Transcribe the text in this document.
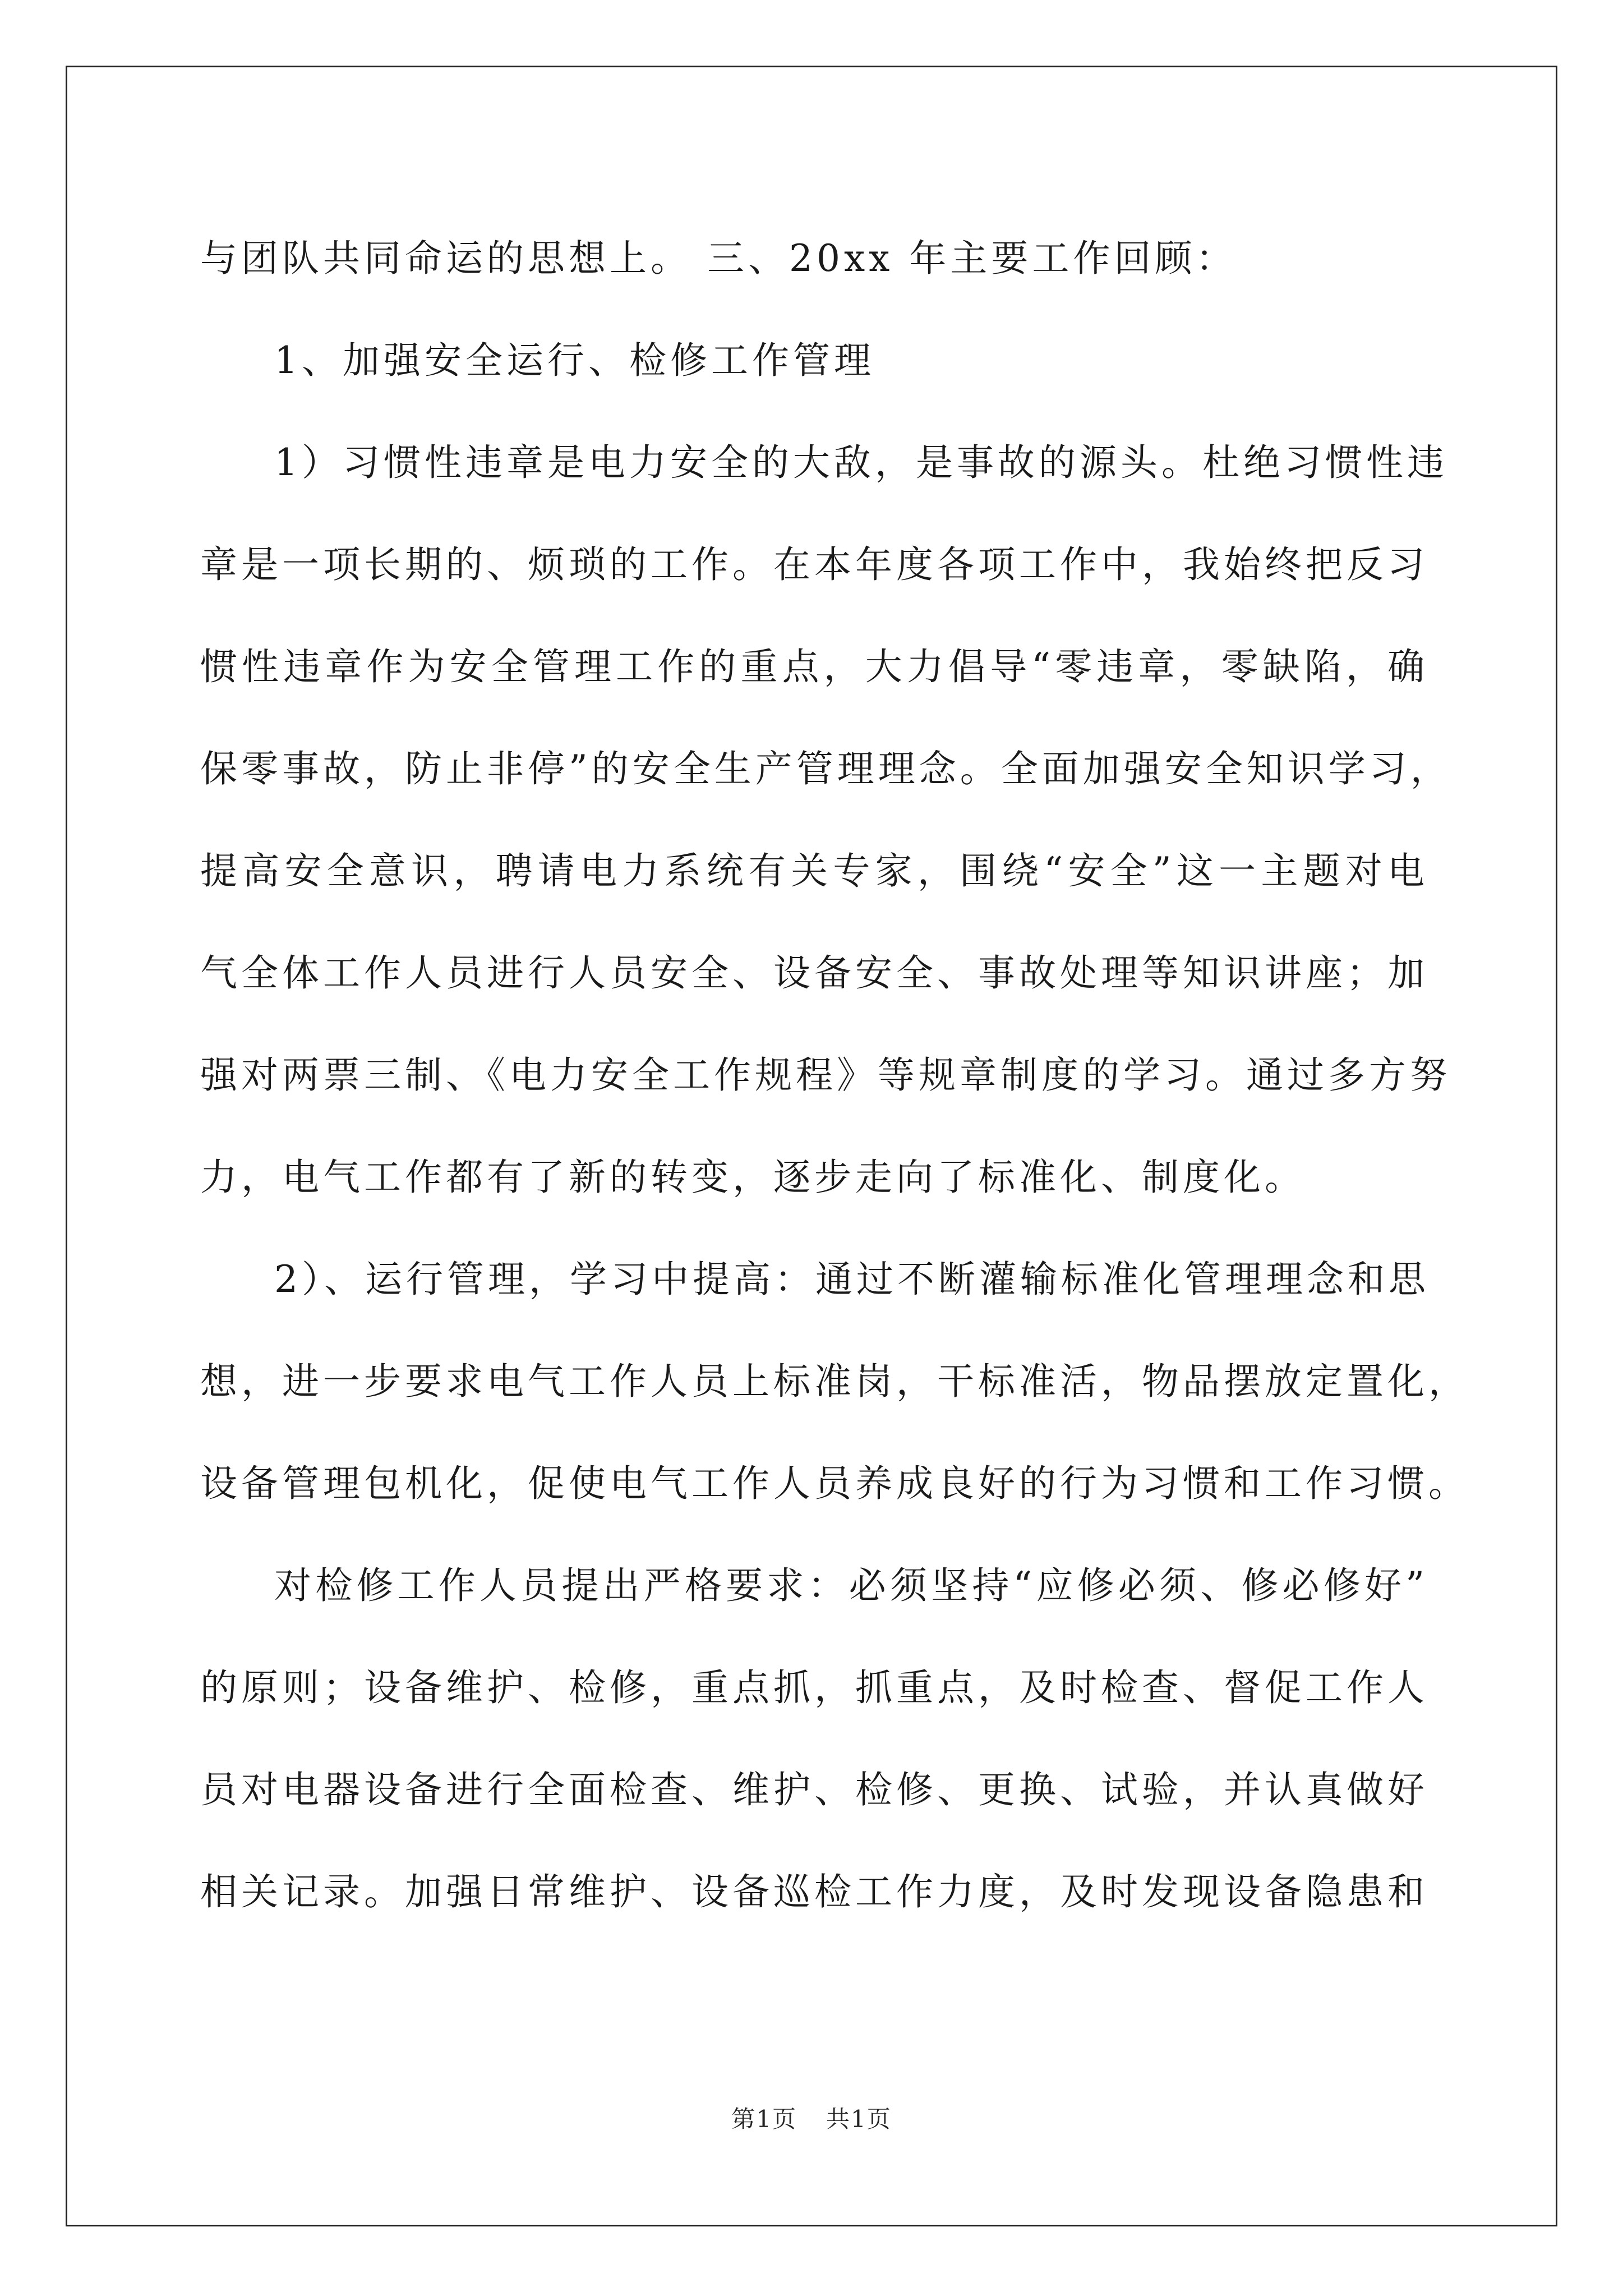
与团队共同命运的思想上。 三、20xx 年主要工作回顾：
1、加强安全运行、检修工作管理
1）习惯性违章是电力安全的大敌，是事故的源头。杜绝习惯性违
章是一项长期的、烦琐的工作。在本年度各项工作中，我始终把反习
惯性违章作为安全管理工作的重点，大力倡导“零违章，零缺陷，确
保零事故，防止非停”的安全生产管理理念。全面加强安全知识学习，
提高安全意识，聘请电力系统有关专家，围绕“安全”这一主题对电
气全体工作人员进行人员安全、设备安全、事故处理等知识讲座；加
强对两票三制、《电力安全工作规程》等规章制度的学习。通过多方努
力，电气工作都有了新的转变，逐步走向了标准化、制度化。
2）、运行管理，学习中提高：通过不断灌输标准化管理理念和思
想，进一步要求电气工作人员上标准岗，干标准活，物品摆放定置化，
设备管理包机化，促使电气工作人员养成良好的行为习惯和工作习惯。
对检修工作人员提出严格要求：必须坚持“应修必须、修必修好”
的原则；设备维护、检修，重点抓，抓重点，及时检查、督促工作人
员对电器设备进行全面检查、维护、检修、更换、试验，并认真做好
相关记录。加强日常维护、设备巡检工作力度，及时发现设备隐患和
第1页 共1页
